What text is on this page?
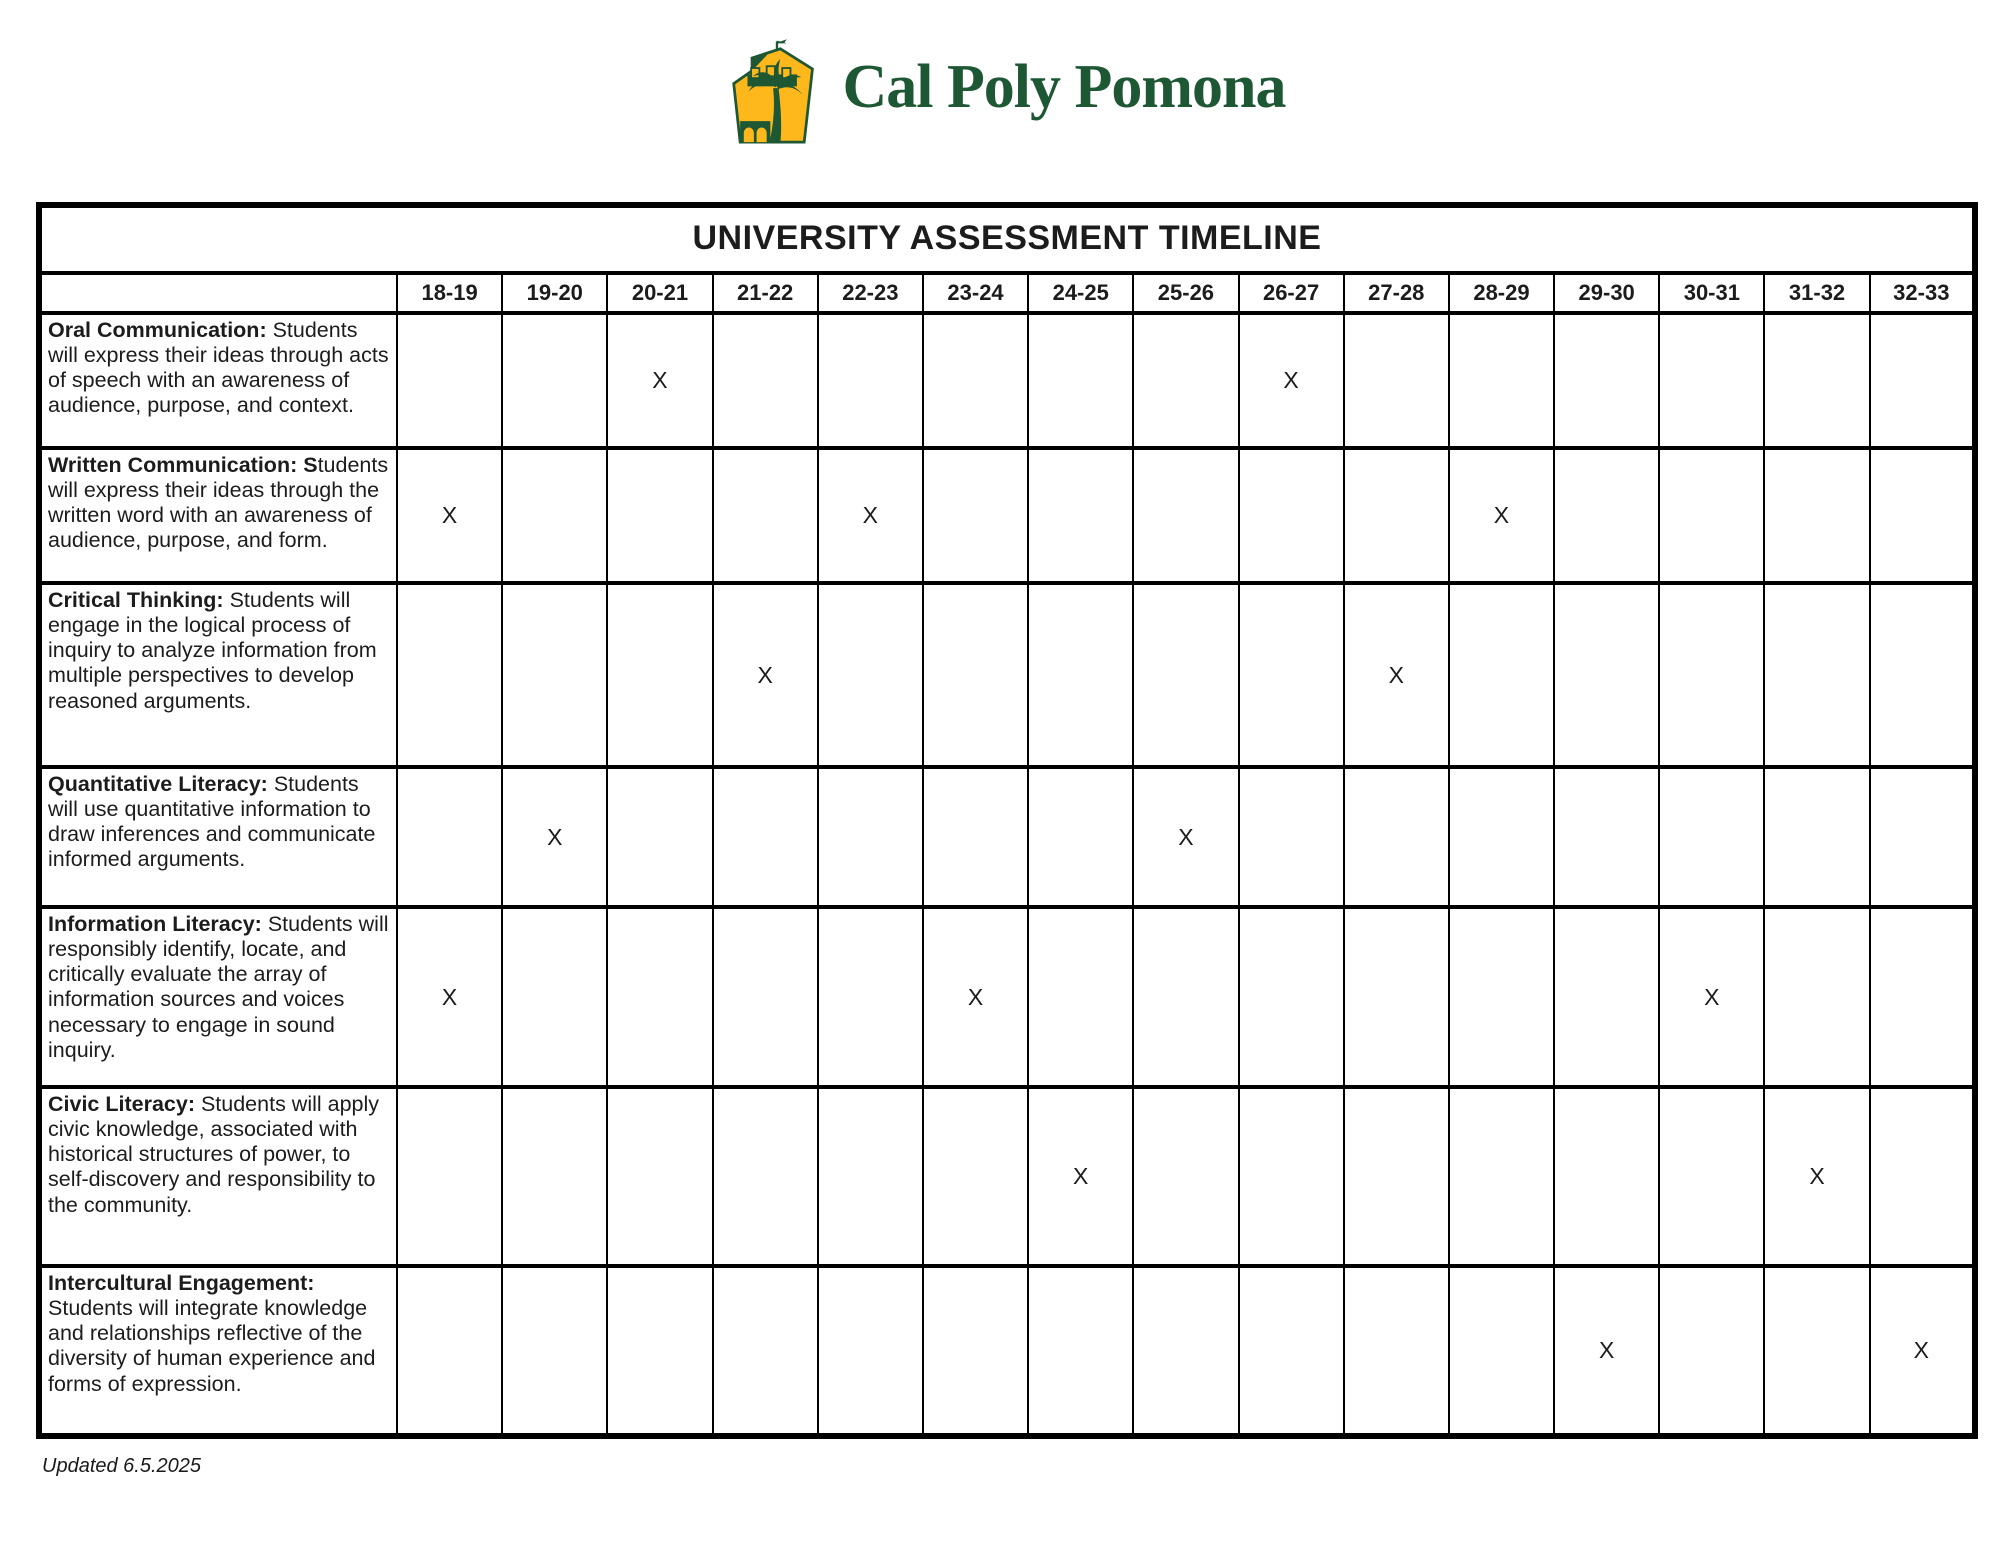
Cal Poly Pomona
UNIVERSITY ASSESSMENT TIMELINE															
	18-19	19-20	20-21	21-22	22-23	23-24	24-25	25-26	26-27	27-28	28-29	29-30	30-31	31-32	32-33
Oral Communication: Students will express their ideas through acts of speech with an awareness of audience, purpose, and context.			X						X						
Written Communication: Students will express their ideas through the written word with an awareness of audience, purpose, and form.	X				X						X				
Critical Thinking: Students will engage in the logical process of inquiry to analyze information from multiple perspectives to develop reasoned arguments.				X						X					
Quantitative Literacy: Students will use quantitative information to draw inferences and communicate informed arguments.		X						X							
Information Literacy: Students will responsibly identify, locate, and critically evaluate the array of information sources and voices necessary to engage in sound inquiry.	X					X							X		
Civic Literacy: Students will apply civic knowledge, associated with historical structures of power, to self-discovery and responsibility to the community.							X							X	
Intercultural Engagement: Students will integrate knowledge and relationships reflective of the diversity of human experience and forms of expression.												X			X
Updated 6.5.2025
